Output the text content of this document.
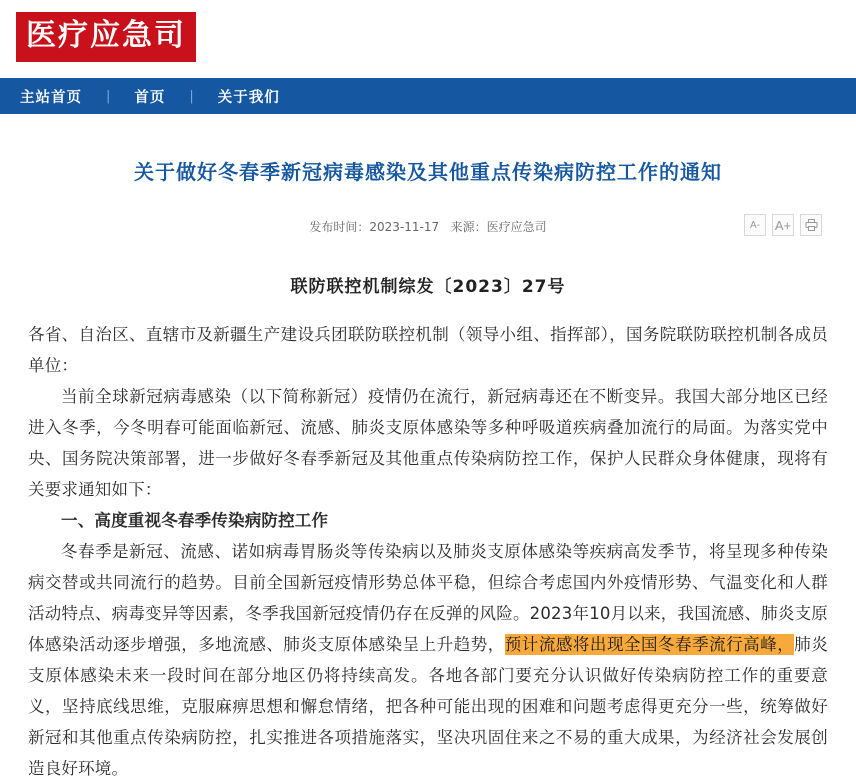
医疗应急司
主站首页	|	首页	|	关于我们
关于做好冬春季新冠病毒感染及其他重点传染病防控工作的通知
发布时间：2023-11-17 来源：医疗应急司	A-	A+
联防联控机制综发〔2023〕27号

各省、自治区、直辖市及新疆生产建设兵团联防联控机制（领导小组、指挥部），国务院联防联控机制各成员单位：

当前全球新冠病毒感染（以下简称新冠）疫情仍在流行，新冠病毒还在不断变异。我国大部分地区已经进入冬季，今冬明春可能面临新冠、流感、肺炎支原体感染等多种呼吸道疾病叠加流行的局面。为落实党中央、国务院决策部署，进一步做好冬春季新冠及其他重点传染病防控工作，保护人民群众身体健康，现将有关要求通知如下：

一、高度重视冬春季传染病防控工作

冬春季是新冠、流感、诺如病毒胃肠炎等传染病以及肺炎支原体感染等疾病高发季节，将呈现多种传染病交替或共同流行的趋势。目前全国新冠疫情形势总体平稳，但综合考虑国内外疫情形势、气温变化和人群活动特点、病毒变异等因素，冬季我国新冠疫情仍存在反弹的风险。2023年10月以来，我国流感、肺炎支原体感染活动逐步增强，多地流感、肺炎支原体感染呈上升趋势，预计流感将出现全国冬春季流行高峰，肺炎支原体感染未来一段时间在部分地区仍将持续高发。各地各部门要充分认识做好传染病防控工作的重要意义，坚持底线思维，克服麻痹思想和懈怠情绪，把各种可能出现的困难和问题考虑得更充分一些，统筹做好新冠和其他重点传染病防控，扎实推进各项措施落实，坚决巩固住来之不易的重大成果，为经济社会发展创造良好环境。
